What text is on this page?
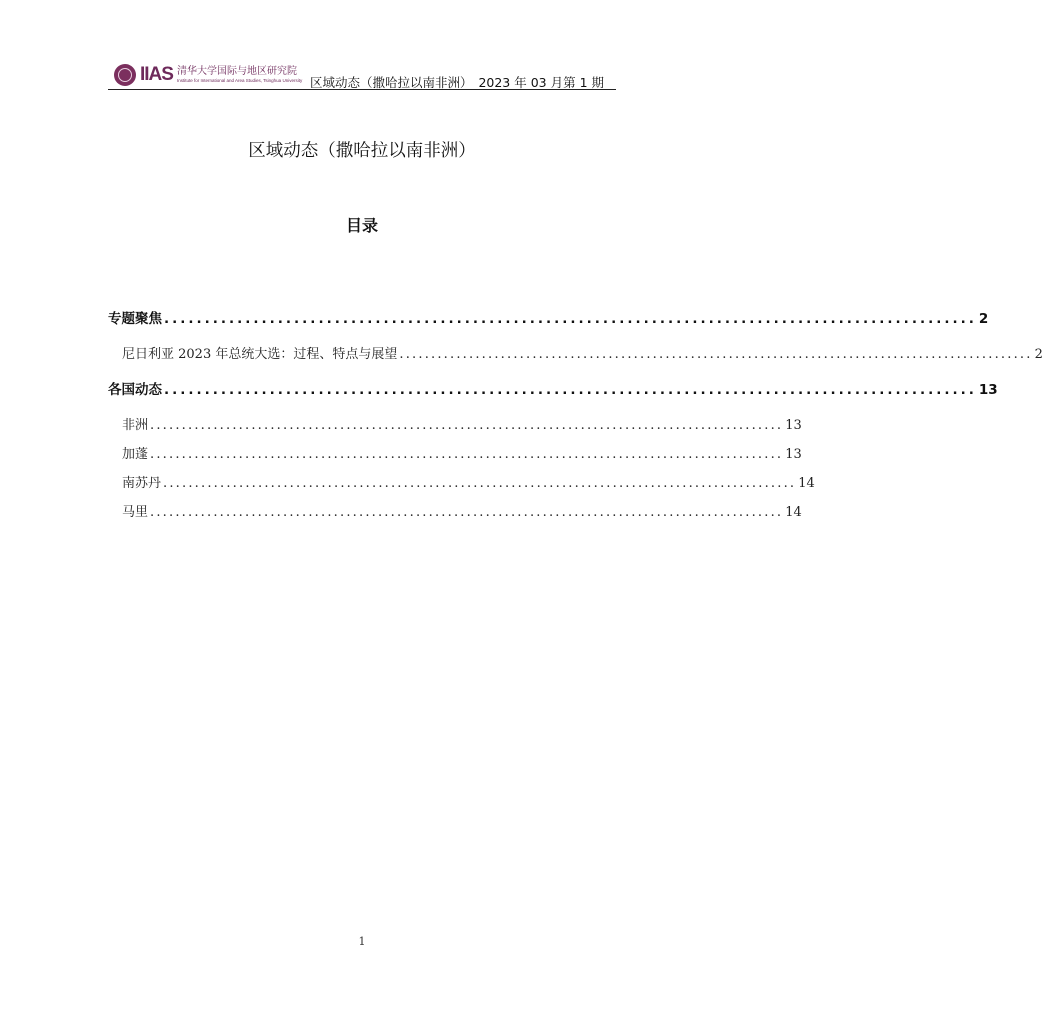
IIAS 清华大学国际与地区研究院
Institute for International and Area Studies, Tsinghua University 区域动态（撒哈拉以南非洲） 2023 年 03 月第 1 期
区域动态（撒哈拉以南非洲）
目录
专题聚焦 .................................................................................................... 2
尼日利亚 2023 年总统大选：过程、特点与展望 .................................................................................................... 2
各国动态 .................................................................................................... 13
非洲 .................................................................................................... 13
加蓬 .................................................................................................... 13
南苏丹 .................................................................................................... 14
马里 .................................................................................................... 14
1
